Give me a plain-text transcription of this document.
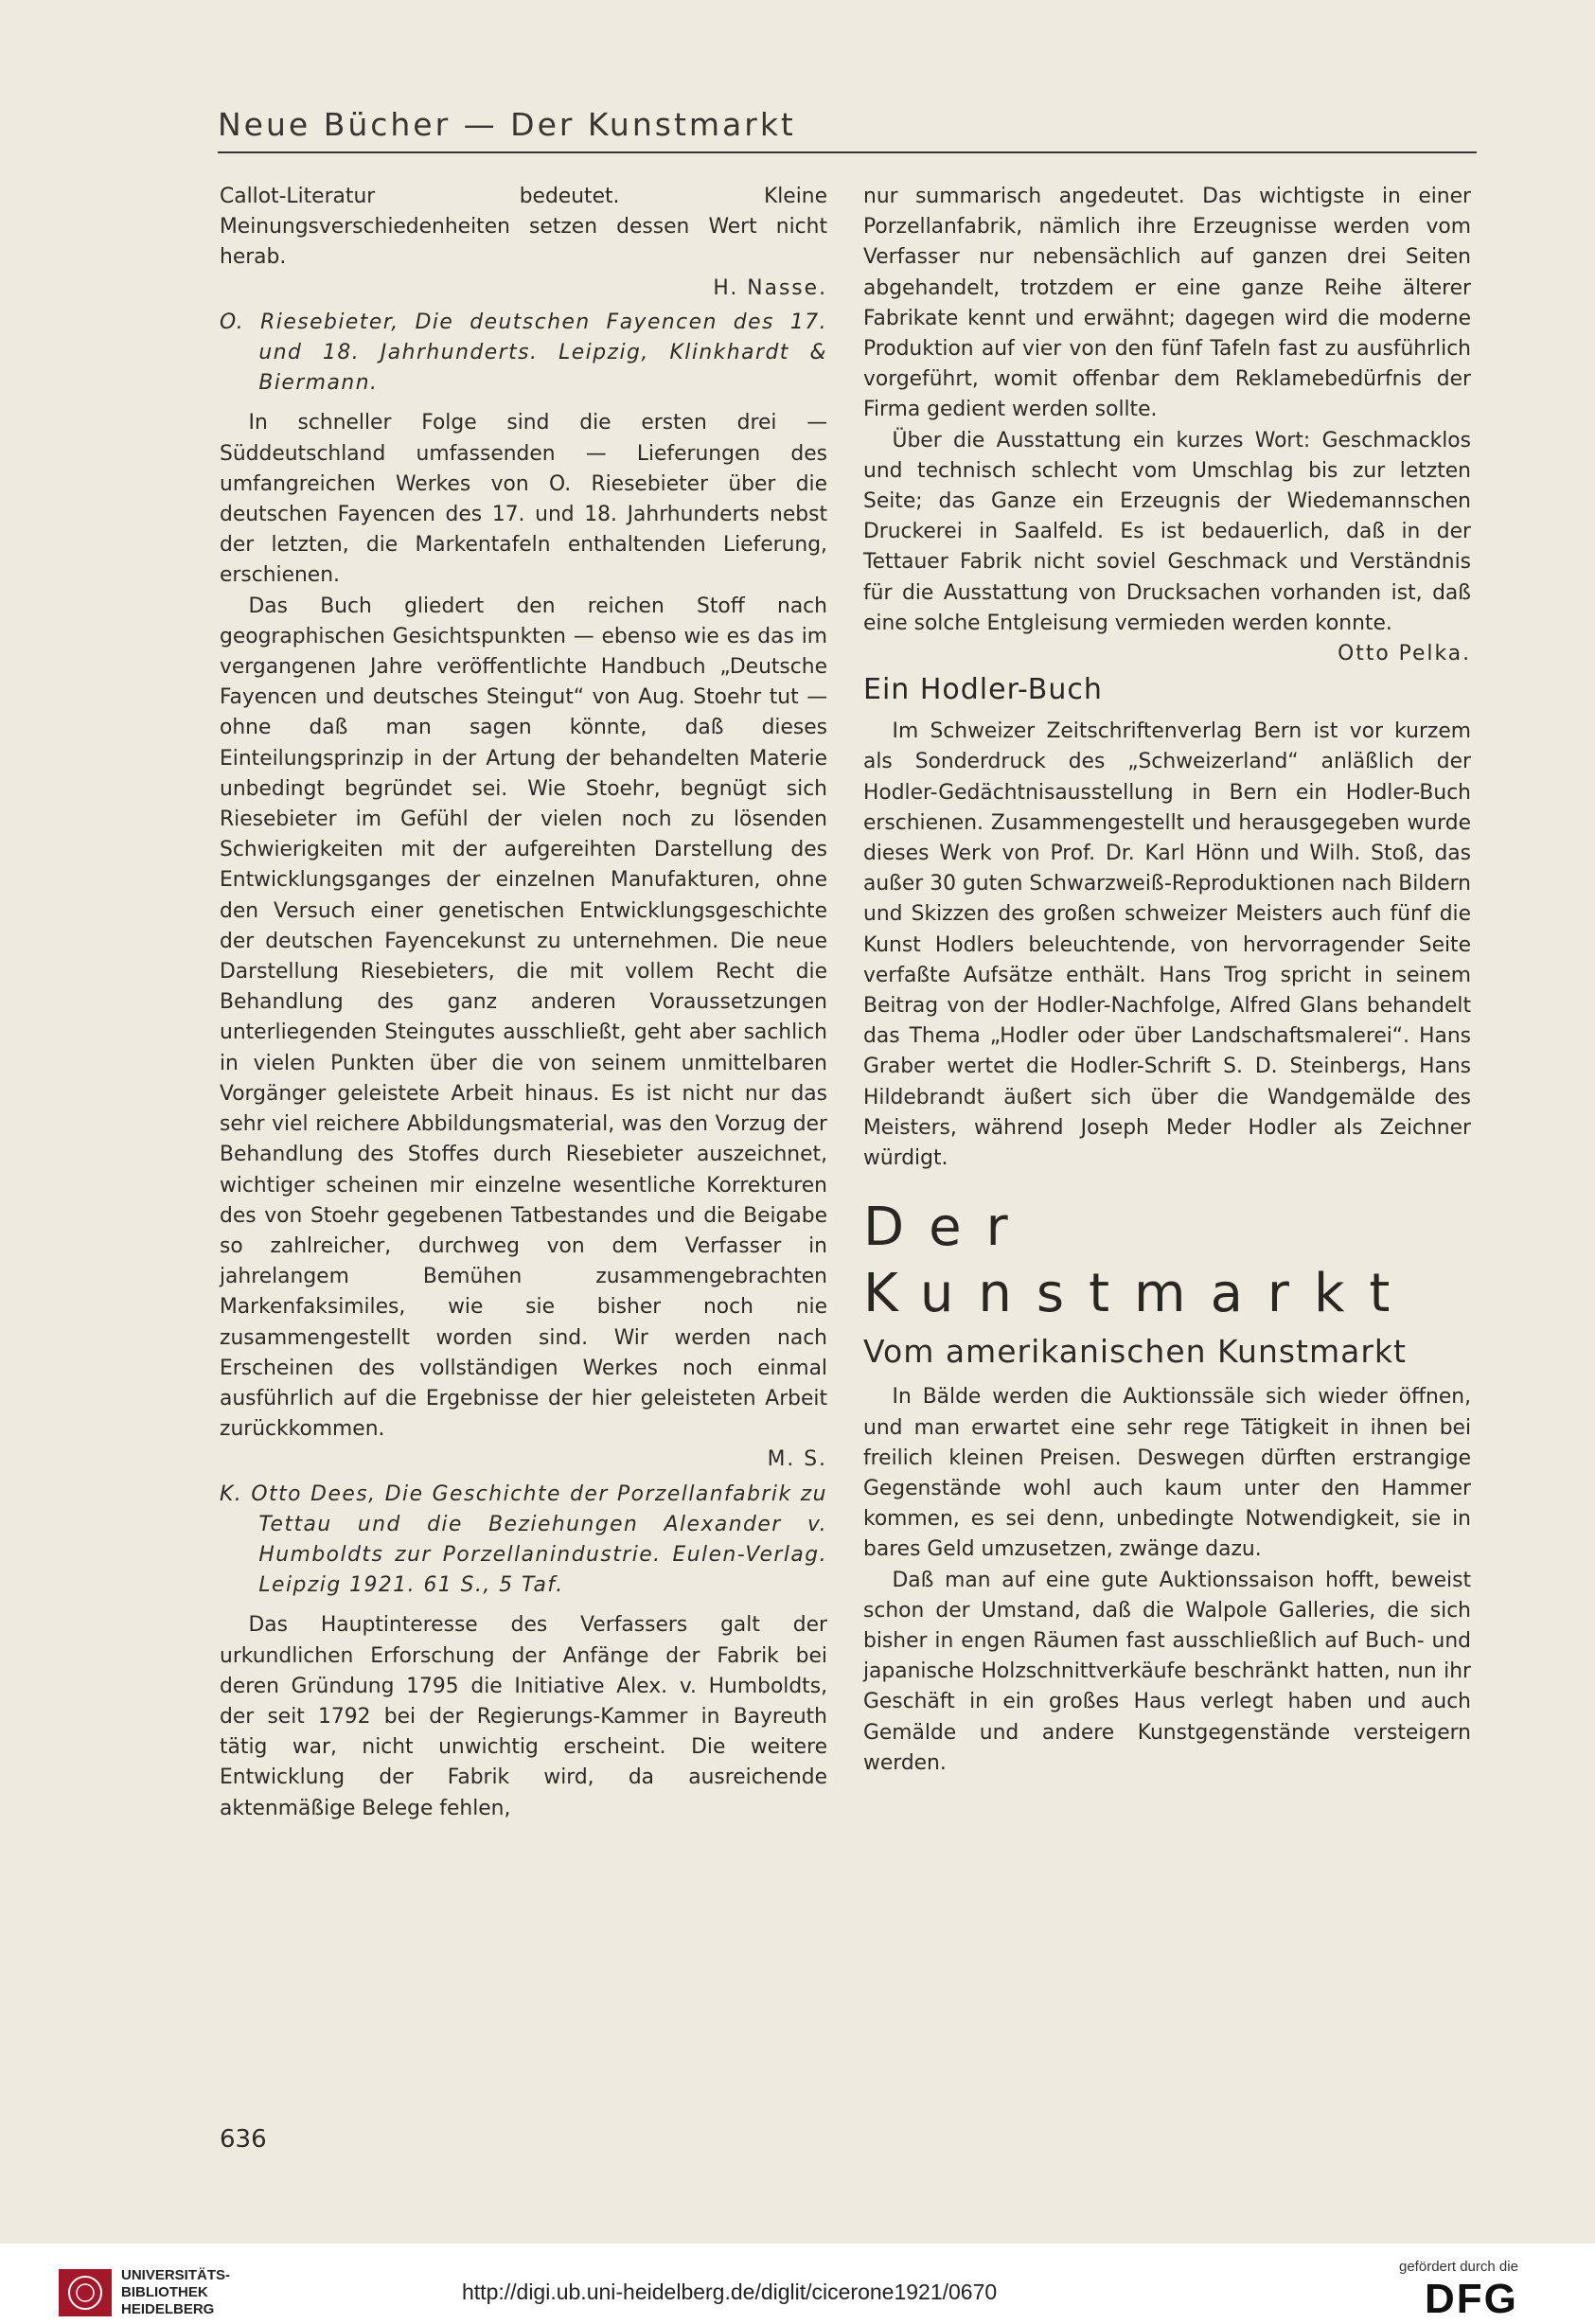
Neue Bücher — Der Kunstmarkt

Callot-Literatur bedeutet. Kleine Meinungsverschiedenheiten setzen dessen Wert nicht herab.

H. Nasse.

O. Riesebieter, Die deutschen Fayencen des 17. und 18. Jahrhunderts. Leipzig, Klinkhardt & Biermann.

In schneller Folge sind die ersten drei — Süddeutschland umfassenden — Lieferungen des umfangreichen Werkes von O. Riesebieter über die deutschen Fayencen des 17. und 18. Jahrhunderts nebst der letzten, die Markentafeln enthaltenden Lieferung, erschienen.

Das Buch gliedert den reichen Stoff nach geographischen Gesichtspunkten — ebenso wie es das im vergangenen Jahre veröffentlichte Handbuch „Deutsche Fayencen und deutsches Steingut“ von Aug. Stoehr tut — ohne daß man sagen könnte, daß dieses Einteilungsprinzip in der Artung der behandelten Materie unbedingt begründet sei. Wie Stoehr, begnügt sich Riesebieter im Gefühl der vielen noch zu lösenden Schwierigkeiten mit der aufgereihten Darstellung des Entwicklungsganges der einzelnen Manufakturen, ohne den Versuch einer genetischen Entwicklungsgeschichte der deutschen Fayencekunst zu unternehmen. Die neue Darstellung Riesebieters, die mit vollem Recht die Behandlung des ganz anderen Voraussetzungen unterliegenden Steingutes ausschließt, geht aber sachlich in vielen Punkten über die von seinem unmittelbaren Vorgänger geleistete Arbeit hinaus. Es ist nicht nur das sehr viel reichere Abbildungsmaterial, was den Vorzug der Behandlung des Stoffes durch Riesebieter auszeichnet, wichtiger scheinen mir einzelne wesentliche Korrekturen des von Stoehr gegebenen Tatbestandes und die Beigabe so zahlreicher, durchweg von dem Verfasser in jahrelangem Bemühen zusammengebrachten Markenfaksimiles, wie sie bisher noch nie zusammengestellt worden sind. Wir werden nach Erscheinen des vollständigen Werkes noch einmal ausführlich auf die Ergebnisse der hier geleisteten Arbeit zurückkommen.

M. S.

K. Otto Dees, Die Geschichte der Porzellanfabrik zu Tettau und die Beziehungen Alexander v. Humboldts zur Porzellanindustrie. Eulen-Verlag. Leipzig 1921. 61 S., 5 Taf.

Das Hauptinteresse des Verfassers galt der urkundlichen Erforschung der Anfänge der Fabrik bei deren Gründung 1795 die Initiative Alex. v. Humboldts, der seit 1792 bei der Regierungs-Kammer in Bayreuth tätig war, nicht unwichtig erscheint. Die weitere Entwicklung der Fabrik wird, da ausreichende aktenmäßige Belege fehlen,

nur summarisch angedeutet. Das wichtigste in einer Porzellanfabrik, nämlich ihre Erzeugnisse werden vom Verfasser nur nebensächlich auf ganzen drei Seiten abgehandelt, trotzdem er eine ganze Reihe älterer Fabrikate kennt und erwähnt; dagegen wird die moderne Produktion auf vier von den fünf Tafeln fast zu ausführlich vorgeführt, womit offenbar dem Reklamebedürfnis der Firma gedient werden sollte.

Über die Ausstattung ein kurzes Wort: Geschmacklos und technisch schlecht vom Umschlag bis zur letzten Seite; das Ganze ein Erzeugnis der Wiedemannschen Druckerei in Saalfeld. Es ist bedauerlich, daß in der Tettauer Fabrik nicht soviel Geschmack und Verständnis für die Ausstattung von Drucksachen vorhanden ist, daß eine solche Entgleisung vermieden werden konnte.

Otto Pelka.

Ein Hodler-Buch

Im Schweizer Zeitschriftenverlag Bern ist vor kurzem als Sonderdruck des „Schweizerland“ anläßlich der Hodler-Gedächtnisausstellung in Bern ein Hodler-Buch erschienen. Zusammengestellt und herausgegeben wurde dieses Werk von Prof. Dr. Karl Hönn und Wilh. Stoß, das außer 30 guten Schwarzweiß-Reproduktionen nach Bildern und Skizzen des großen schweizer Meisters auch fünf die Kunst Hodlers beleuchtende, von hervorragender Seite verfaßte Aufsätze enthält. Hans Trog spricht in seinem Beitrag von der Hodler-Nachfolge, Alfred Glans behandelt das Thema „Hodler oder über Landschaftsmalerei“. Hans Graber wertet die Hodler-Schrift S. D. Steinbergs, Hans Hildebrandt äußert sich über die Wandgemälde des Meisters, während Joseph Meder Hodler als Zeichner würdigt.

Der Kunstmarkt
Vom amerikanischen Kunstmarkt

In Bälde werden die Auktionssäle sich wieder öffnen, und man erwartet eine sehr rege Tätigkeit in ihnen bei freilich kleinen Preisen. Deswegen dürften erstrangige Gegenstände wohl auch kaum unter den Hammer kommen, es sei denn, unbedingte Notwendigkeit, sie in bares Geld umzusetzen, zwänge dazu.

Daß man auf eine gute Auktionssaison hofft, beweist schon der Umstand, daß die Walpole Galleries, die sich bisher in engen Räumen fast ausschließlich auf Buch- und japanische Holzschnittverkäufe beschränkt hatten, nun ihr Geschäft in ein großes Haus verlegt haben und auch Gemälde und andere Kunstgegenstände versteigern werden.

636
UNIVERSITÄTS-
BIBLIOTHEK
HEIDELBERG
http://digi.ub.uni-heidelberg.de/diglit/cicerone1921/0670
gefördert durch die
DFG
